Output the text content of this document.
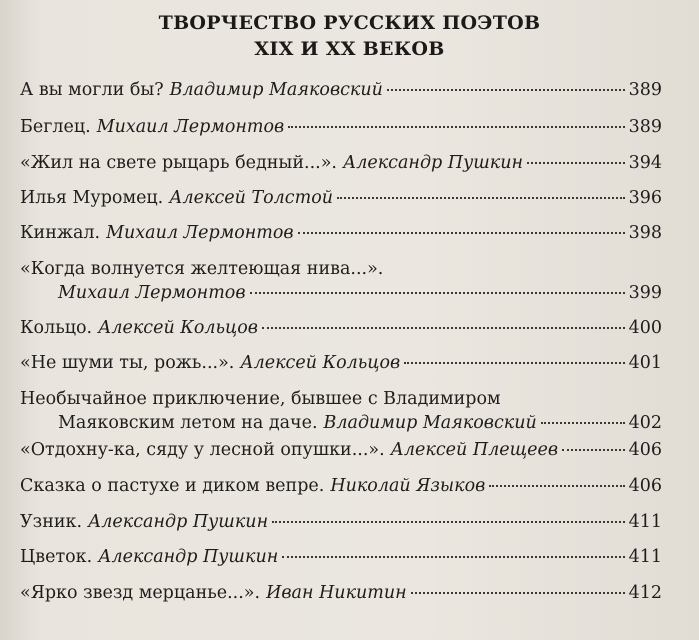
ТВОРЧЕСТВО РУССКИХ ПОЭТОВ
XIX И XX ВЕКОВ
А вы могли бы? Владимир Маяковский	389
Беглец. Михаил Лермонтов	389
«Жил на свете рыцарь бедный...». Александр Пушкин	394
Илья Муромец. Алексей Толстой	396
Кинжал. Михаил Лермонтов	398
«Когда волнуется желтеющая нива...».
Михаил Лермонтов	399
Кольцо. Алексей Кольцов	400
«Не шуми ты, рожь...». Алексей Кольцов	401
Необычайное приключение, бывшее с Владимиром
Маяковским летом на даче. Владимир Маяковский	402
«Отдохну-ка, сяду у лесной опушки...». Алексей Плещеев	406
Сказка о пастухе и диком вепре. Николай Языков	406
Узник. Александр Пушкин	411
Цветок. Александр Пушкин	411
«Ярко звезд мерцанье...». Иван Никитин	412
